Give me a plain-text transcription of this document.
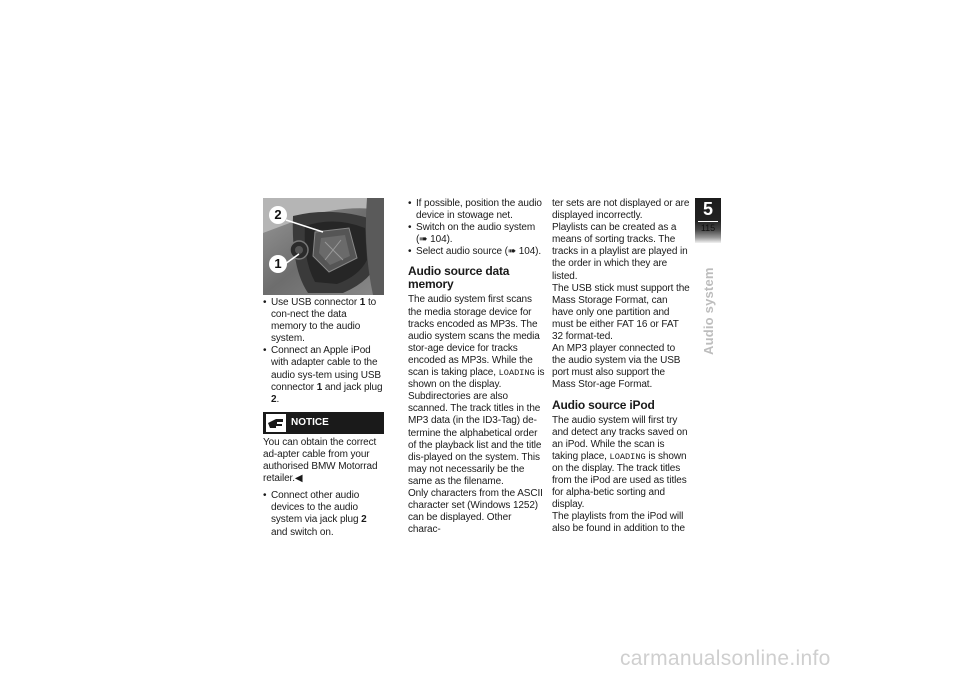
2
1
• Use USB connector 1 to con-nect the data memory to the audio system.
• Connect an Apple iPod with adapter cable to the audio sys-tem using USB connector 1 and jack plug 2.
NOTICE

You can obtain the correct ad-apter cable from your authorised BMW Motorrad retailer.◀

• Connect other audio devices to the audio system via jack plug 2 and switch on.
• If possible, position the audio device in stowage net.
• Switch on the audio system (➠ 104).
• Select audio source (➠ 104).
Audio source data memory

The audio system first scans the media storage device for tracks encoded as MP3s. The audio system scans the media stor-age device for tracks encoded as MP3s. While the scan is taking place, LOADING is shown on the display. Subdirectories are also scanned. The track titles in the MP3 data (in the ID3-Tag) de-termine the alphabetical order of the playback list and the title dis-played on the system. This may not necessarily be the same as the filename.

Only characters from the ASCII character set (Windows 1252) can be displayed. Other charac-

ter sets are not displayed or are displayed incorrectly.

Playlists can be created as a means of sorting tracks. The tracks in a playlist are played in the order in which they are listed.

The USB stick must support the Mass Storage Format, can have only one partition and must be either FAT 16 or FAT 32 format-ted.

An MP3 player connected to the audio system via the USB port must also support the Mass Stor-age Format.

Audio source iPod

The audio system will first try and detect any tracks saved on an iPod. While the scan is taking place, LOADING is shown on the display. The track titles from the iPod are used as titles for alpha-betic sorting and display.

The playlists from the iPod will also be found in addition to the

5
115
Audio system
carmanualsonline.info
